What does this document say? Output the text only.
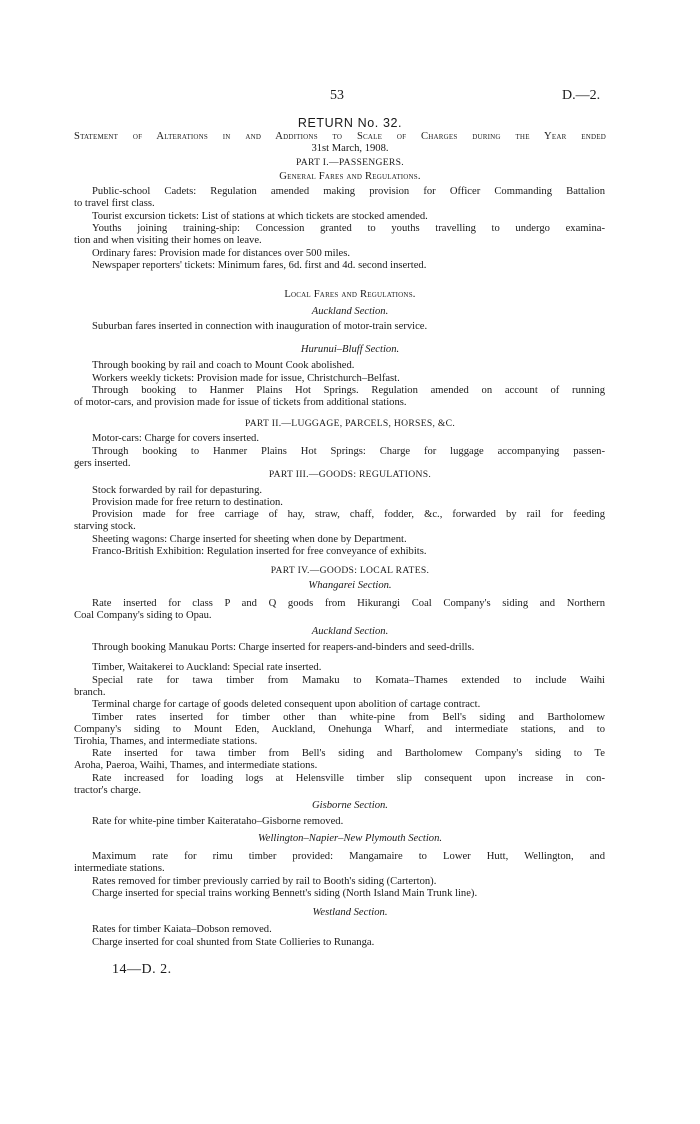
53	D.—2.
RETURN No. 32.
Statement of Alterations in and Additions to Scale of Charges during the Year ended
31st March, 1908.
PART I.—PASSENGERS.
General Fares and Regulations.
Public-school Cadets: Regulation amended making provision for Officer Commanding Battalion
to travel first class.
Tourist excursion tickets: List of stations at which tickets are stocked amended.
Youths joining training-ship: Concession granted to youths travelling to undergo examina-
tion and when visiting their homes on leave.
Ordinary fares: Provision made for distances over 500 miles.
Newspaper reporters' tickets: Minimum fares, 6d. first and 4d. second inserted.
Local Fares and Regulations.
Auckland Section.
Suburban fares inserted in connection with inauguration of motor-train service.
Hurunui–Bluff Section.
Through booking by rail and coach to Mount Cook abolished.
Workers weekly tickets: Provision made for issue, Christchurch–Belfast.
Through booking to Hanmer Plains Hot Springs. Regulation amended on account of running
of motor-cars, and provision made for issue of tickets from additional stations.
PART II.—LUGGAGE, PARCELS, HORSES, &C.
Motor-cars: Charge for covers inserted.
Through booking to Hanmer Plains Hot Springs: Charge for luggage accompanying passen-
gers inserted.
PART III.—GOODS: REGULATIONS.
Stock forwarded by rail for depasturing.
Provision made for free return to destination.
Provision made for free carriage of hay, straw, chaff, fodder, &c., forwarded by rail for feeding
starving stock.
Sheeting wagons: Charge inserted for sheeting when done by Department.
Franco-British Exhibition: Regulation inserted for free conveyance of exhibits.
PART IV.—GOODS: LOCAL RATES.
Whangarei Section.
Rate inserted for class P and Q goods from Hikurangi Coal Company's siding and Northern
Coal Company's siding to Opau.
Auckland Section.
Through booking Manukau Ports: Charge inserted for reapers-and-binders and seed-drills.
Timber, Waitakerei to Auckland: Special rate inserted.
Special rate for tawa timber from Mamaku to Komata–Thames extended to include Waihi
branch.
Terminal charge for cartage of goods deleted consequent upon abolition of cartage contract.
Timber rates inserted for timber other than white-pine from Bell's siding and Bartholomew
Company's siding to Mount Eden, Auckland, Onehunga Wharf, and intermediate stations, and to
Tirohia, Thames, and intermediate stations.
Rate inserted for tawa timber from Bell's siding and Bartholomew Company's siding to Te
Aroha, Paeroa, Waihi, Thames, and intermediate stations.
Rate increased for loading logs at Helensville timber slip consequent upon increase in con-
tractor's charge.
Gisborne Section.
Rate for white-pine timber Kaiteratahо–Gisborne removed.
Wellington–Napier–New Plymouth Section.
Maximum rate for rimu timber provided: Mangamaire to Lower Hutt, Wellington, and
intermediate stations.
Rates removed for timber previously carried by rail to Booth's siding (Carterton).
Charge inserted for special trains working Bennett's siding (North Island Main Trunk line).
Westland Section.
Rates for timber Kaiata–Dobson removed.
Charge inserted for coal shunted from State Collieries to Runanga.
14—D. 2.
